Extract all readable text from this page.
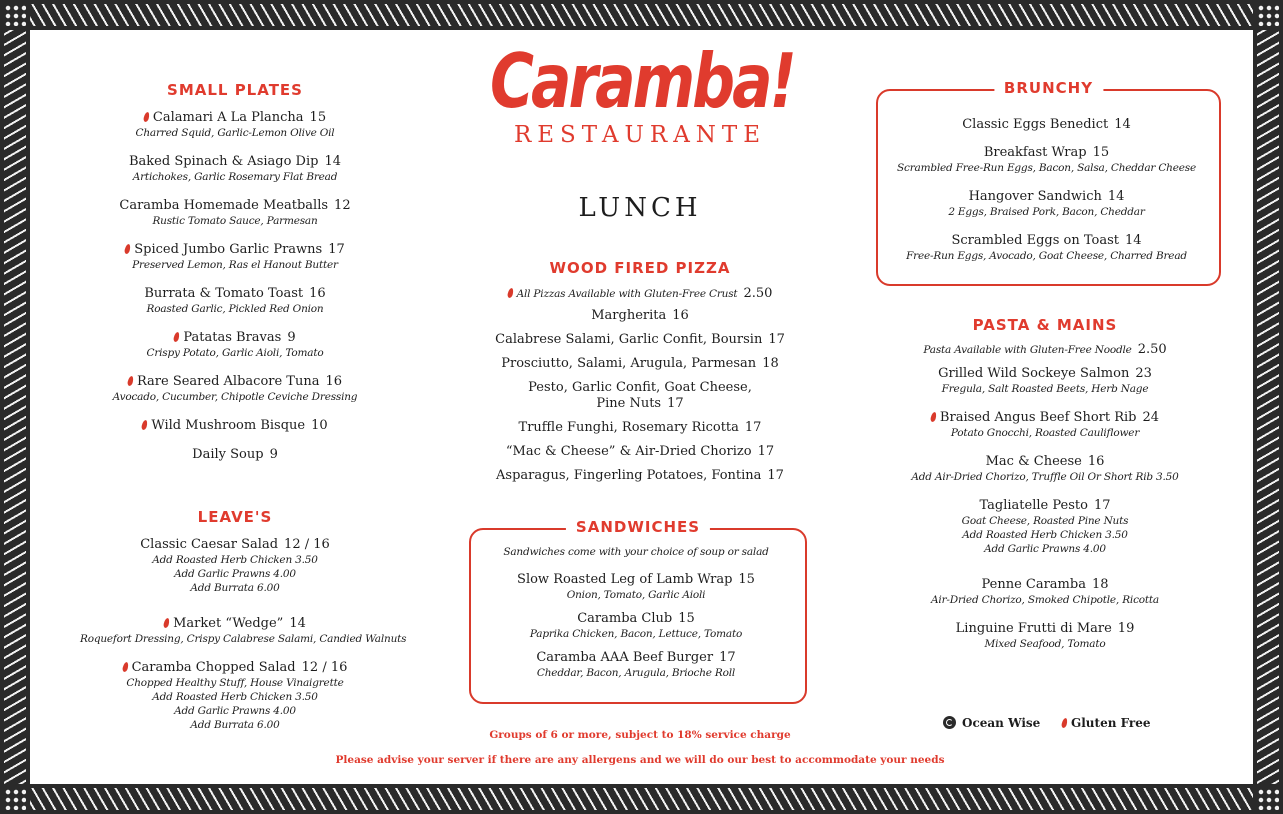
Caramba!
RESTAURANTE
LUNCH
SMALL PLATES
LEAVE'S
WOOD FIRED PIZZA
PASTA & MAINS
Calamari A La Plancha 15
Charred Squid, Garlic-Lemon Olive Oil
Baked Spinach & Asiago Dip 14
Artichokes, Garlic Rosemary Flat Bread
Caramba Homemade Meatballs 12
Rustic Tomato Sauce, Parmesan
Spiced Jumbo Garlic Prawns 17
Preserved Lemon, Ras el Hanout Butter
Burrata & Tomato Toast 16
Roasted Garlic, Pickled Red Onion
Patatas Bravas 9
Crispy Potato, Garlic Aioli, Tomato
Rare Seared Albacore Tuna 16
Avocado, Cucumber, Chipotle Ceviche Dressing
Wild Mushroom Bisque 10
Daily Soup 9
Classic Caesar Salad 12 / 16
Add Roasted Herb Chicken 3.50
Add Garlic Prawns 4.00
Add Burrata 6.00
Market “Wedge” 14
Roquefort Dressing, Crispy Calabrese Salami, Candied Walnuts
Caramba Chopped Salad 12 / 16
Chopped Healthy Stuff, House Vinaigrette
Add Roasted Herb Chicken 3.50
Add Garlic Prawns 4.00
Add Burrata 6.00
All Pizzas Available with Gluten-Free Crust 2.50
Margherita 16
Calabrese Salami, Garlic Confit, Boursin 17
Prosciutto, Salami, Arugula, Parmesan 18
Pesto, Garlic Confit, Goat Cheese,
Pine Nuts 17
Truffle Funghi, Rosemary Ricotta 17
“Mac & Cheese” & Air-Dried Chorizo 17
Asparagus, Fingerling Potatoes, Fontina 17
Pasta Available with Gluten-Free Noodle 2.50
Grilled Wild Sockeye Salmon 23
Fregula, Salt Roasted Beets, Herb Nage
Braised Angus Beef Short Rib 24
Potato Gnocchi, Roasted Cauliflower
Mac & Cheese 16
Add Air-Dried Chorizo, Truffle Oil Or Short Rib 3.50
Tagliatelle Pesto 17
Goat Cheese, Roasted Pine Nuts
Add Roasted Herb Chicken 3.50
Add Garlic Prawns 4.00
Penne Caramba 18
Air-Dried Chorizo, Smoked Chipotle, Ricotta
Linguine Frutti di Mare 19
Mixed Seafood, Tomato
SANDWICHES
Sandwiches come with your choice of soup or salad
Slow Roasted Leg of Lamb Wrap 15
Onion, Tomato, Garlic Aioli
Caramba Club 15
Paprika Chicken, Bacon, Lettuce, Tomato
Caramba AAA Beef Burger 17
Cheddar, Bacon, Arugula, Brioche Roll
BRUNCHY
Classic Eggs Benedict 14
Breakfast Wrap 15
Scrambled Free-Run Eggs, Bacon, Salsa, Cheddar Cheese
Hangover Sandwich 14
2 Eggs, Braised Pork, Bacon, Cheddar
Scrambled Eggs on Toast 14
Free-Run Eggs, Avocado, Goat Cheese, Charred Bread
Groups of 6 or more, subject to 18% service charge
Please advise your server if there are any allergens and we will do our best to accommodate your needs
Ocean Wise	Gluten Free
